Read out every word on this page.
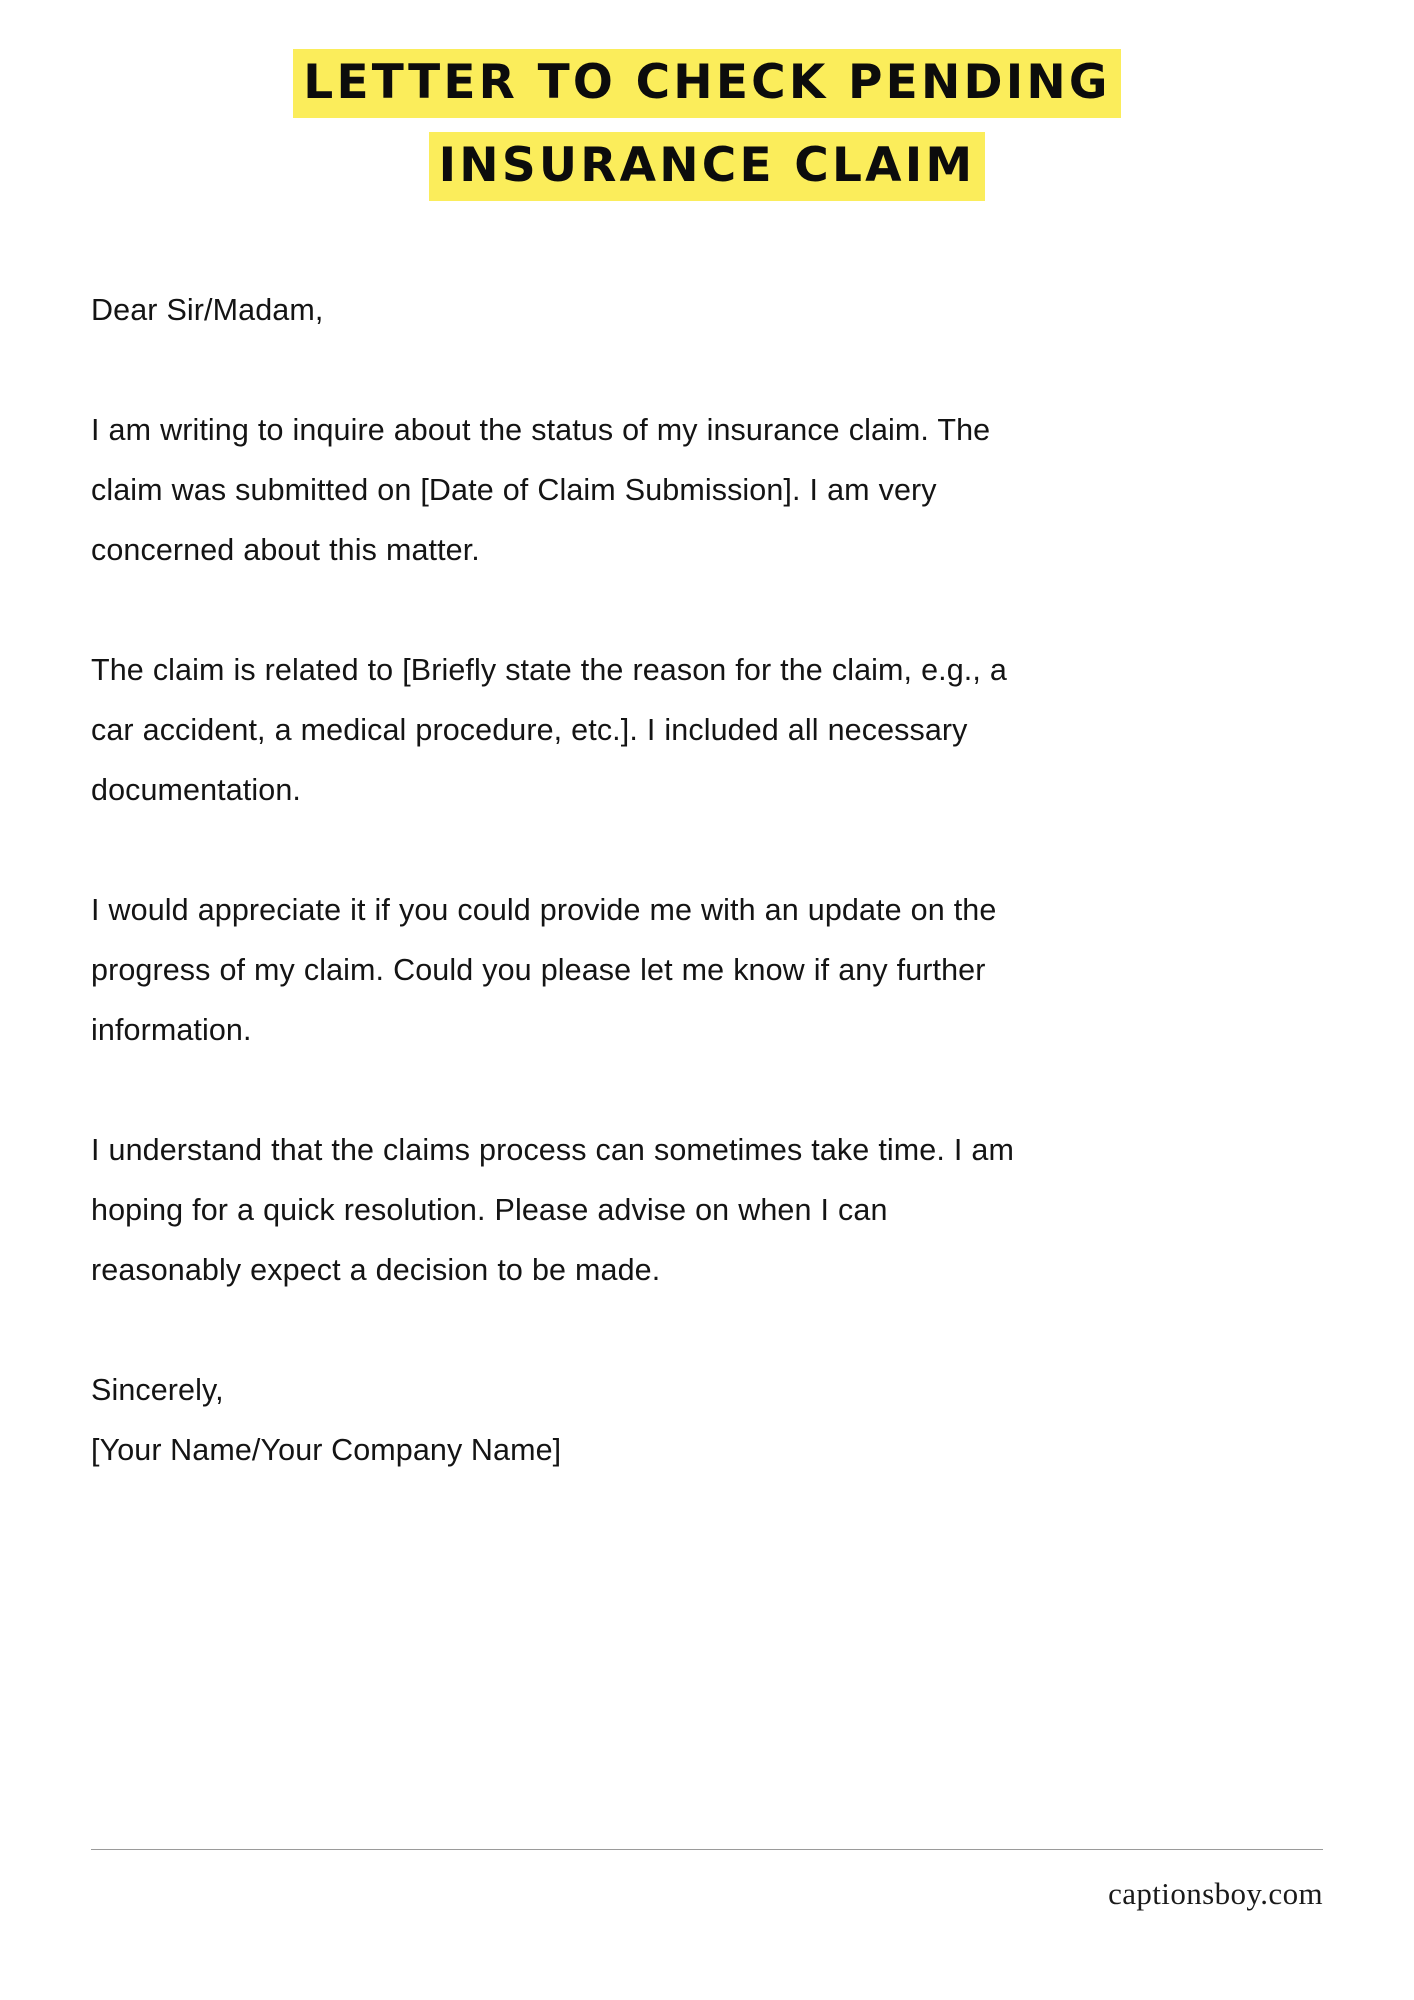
LETTER TO CHECK PENDING
INSURANCE CLAIM

Dear Sir/Madam,

I am writing to inquire about the status of my insurance claim. The claim was submitted on [Date of Claim Submission]. I am very concerned about this matter.

The claim is related to [Briefly state the reason for the claim, e.g., a car accident, a medical procedure, etc.]. I included all necessary documentation.

I would appreciate it if you could provide me with an update on the progress of my claim. Could you please let me know if any further information.

I understand that the claims process can sometimes take time. I am hoping for a quick resolution. Please advise on when I can reasonably expect a decision to be made.

Sincerely,

[Your Name/Your Company Name]

captionsboy.com
